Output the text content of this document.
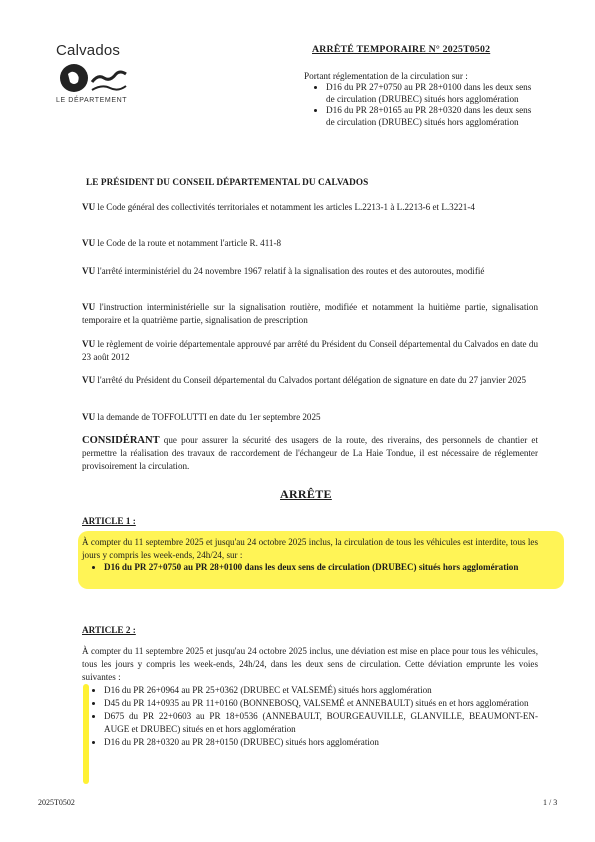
Calvados
LE DÉPARTEMENT
ARRÊTÉ TEMPORAIRE N° 2025T0502
Portant réglementation de la circulation sur :
• D16 du PR 27+0750 au PR 28+0100 dans les deux sens de circulation (DRUBEC) situés hors agglomération
• D16 du PR 28+0165 au PR 28+0320 dans les deux sens de circulation (DRUBEC) situés hors agglomération
LE PRÉSIDENT DU CONSEIL DÉPARTEMENTAL DU CALVADOS
VU le Code général des collectivités territoriales et notamment les articles L.2213-1 à L.2213-6 et L.3221-4
VU le Code de la route et notamment l'article R. 411-8
VU l'arrêté interministériel du 24 novembre 1967 relatif à la signalisation des routes et des autoroutes, modifié
VU l'instruction interministérielle sur la signalisation routière, modifiée et notamment la huitième partie, signalisation temporaire et la quatrième partie, signalisation de prescription
VU le règlement de voirie départementale approuvé par arrêté du Président du Conseil départemental du Calvados en date du 23 août 2012
VU l'arrêté du Président du Conseil départemental du Calvados portant délégation de signature en date du 27 janvier 2025
VU la demande de TOFFOLUTTI en date du 1er septembre 2025
CONSIDÉRANT que pour assurer la sécurité des usagers de la route, des riverains, des personnels de chantier et permettre la réalisation des travaux de raccordement de l'échangeur de La Haie Tondue, il est nécessaire de réglementer provisoirement la circulation.
ARRÊTE
ARTICLE 1 :
À compter du 11 septembre 2025 et jusqu'au 24 octobre 2025 inclus, la circulation de tous les véhicules est interdite, tous les jours y compris les week-ends, 24h/24, sur :
• D16 du PR 27+0750 au PR 28+0100 dans les deux sens de circulation (DRUBEC) situés hors agglomération
ARTICLE 2 :
À compter du 11 septembre 2025 et jusqu'au 24 octobre 2025 inclus, une déviation est mise en place pour tous les véhicules, tous les jours y compris les week-ends, 24h/24, dans les deux sens de circulation. Cette déviation emprunte les voies suivantes :
• D16 du PR 26+0964 au PR 25+0362 (DRUBEC et VALSEMÉ) situés hors agglomération
• D45 du PR 14+0935 au PR 11+0160 (BONNEBOSQ, VALSEMÉ et ANNEBAULT) situés en et hors agglomération
• D675 du PR 22+0603 au PR 18+0536 (ANNEBAULT, BOURGEAUVILLE, GLANVILLE, BEAUMONT-EN-AUGE et DRUBEC) situés en et hors agglomération
• D16 du PR 28+0320 au PR 28+0150 (DRUBEC) situés hors agglomération
2025T0502	1 / 3
